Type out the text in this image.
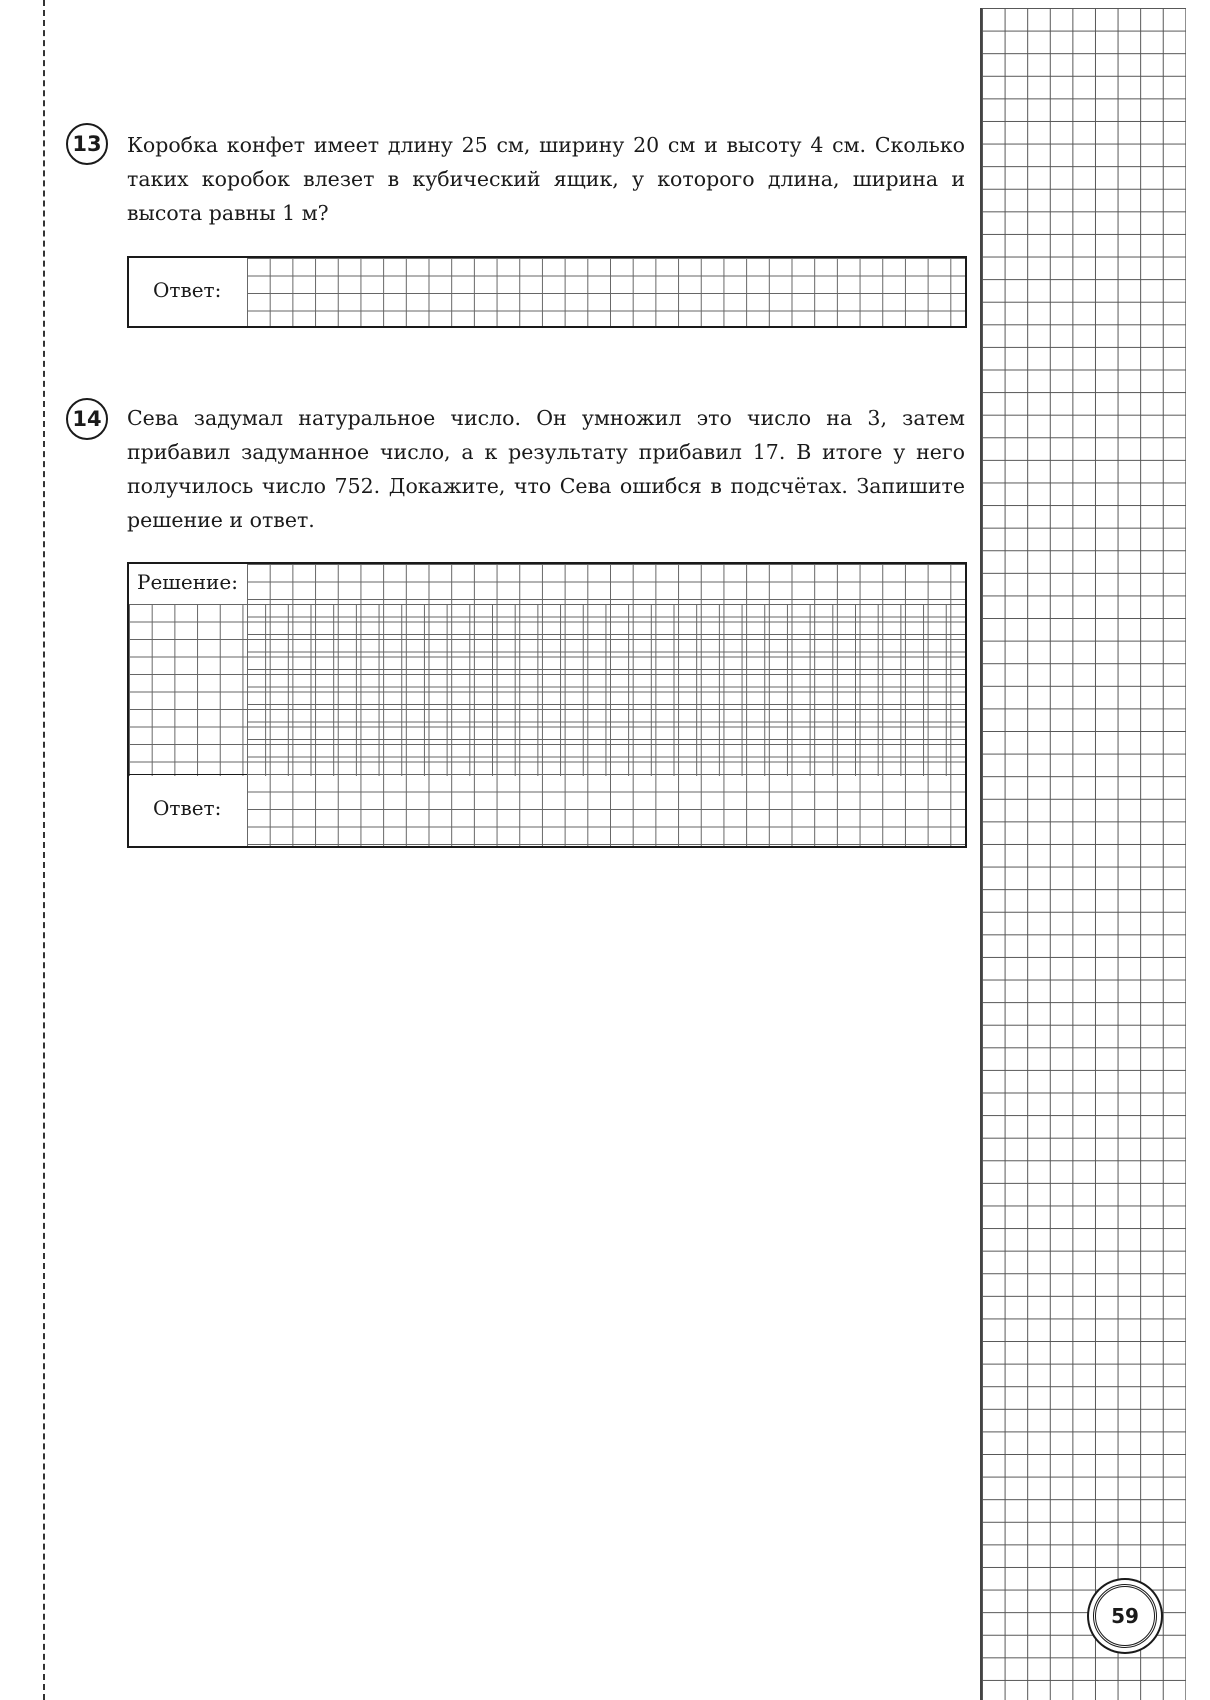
13	Коробка конфет имеет длину 25 см, ширину 20 см и высоту 4 см. Сколько таких коробок влезет в кубический ящик, у которого длина, ширина и высота равны 1 м?

Ответ:
14	Сева задумал натуральное число. Он умножил это число на 3, затем прибавил задуманное число, а к результату прибавил 17. В итоге у него получилось число 752. Докажите, что Сева ошибся в подсчётах. Запишите решение и ответ.

Решение:
Ответ:
59
